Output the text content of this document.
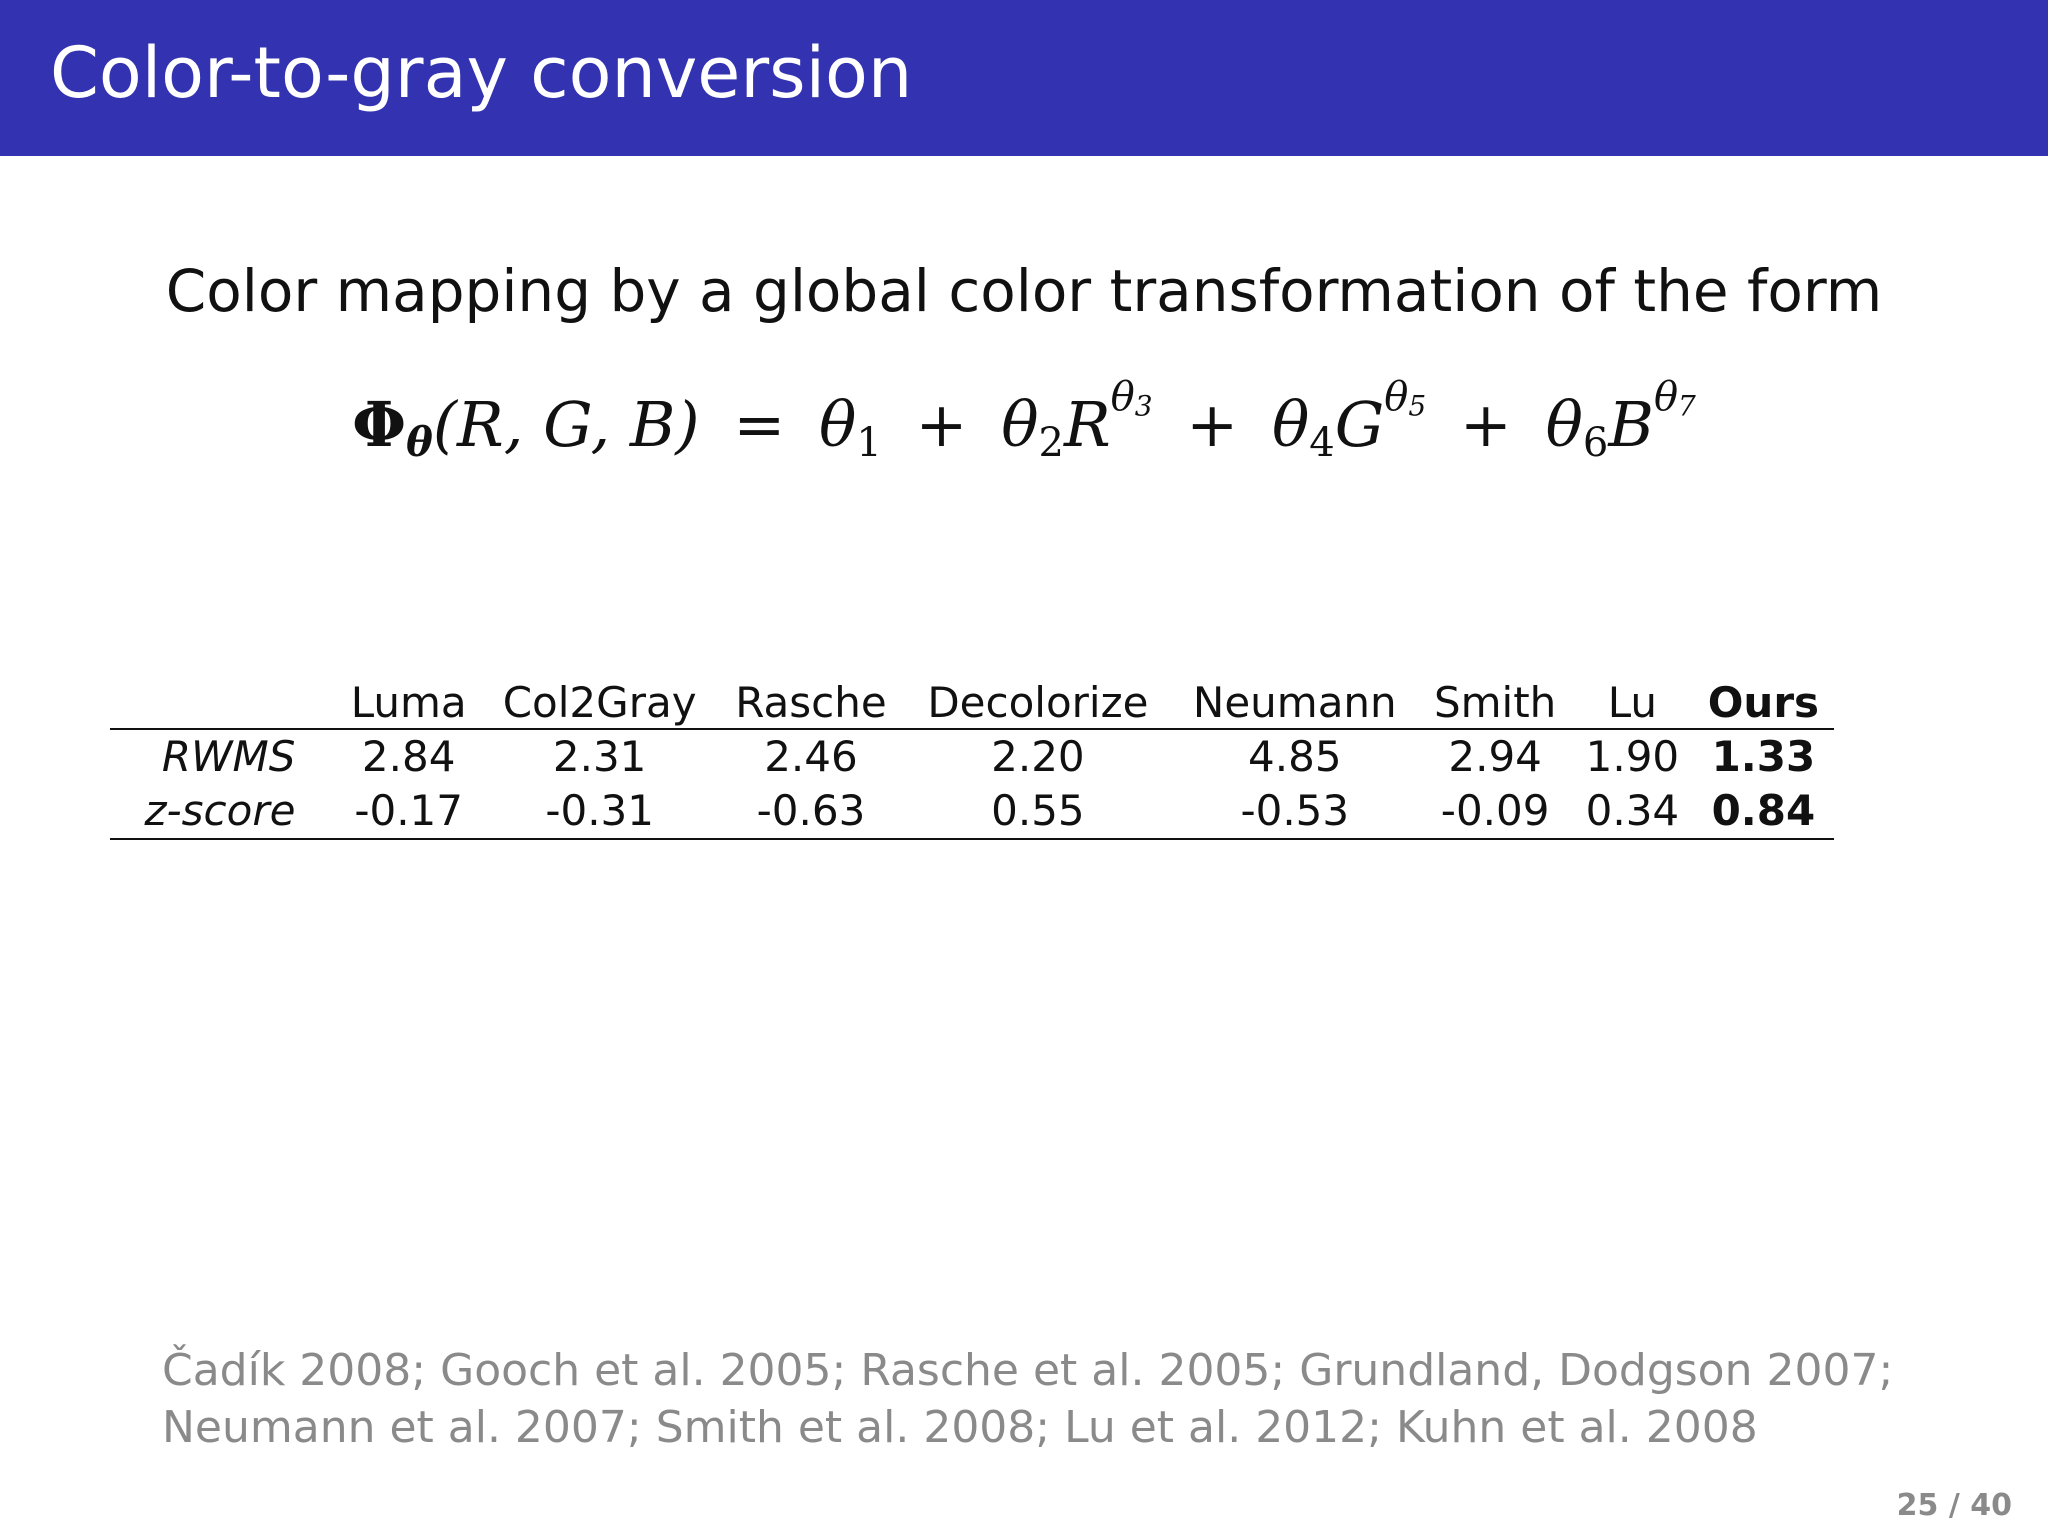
Color-to-gray conversion
Color mapping by a global color transformation of the form
$\Phi_\theta(R$, G, $B) = \theta_1 + \theta_2R^{\theta_3} + \theta_4G^{\theta_5} + \theta_6B^{\theta_7}$
	Luma	Col2Gray	Rasche	Decolorize	Neumann	Smith	Lu	Ours
RWMS	2.84	2.31	2.46	2.20	4.85	2.94	1.90	1.33
z-score	-0.17	-0.31	-0.63	0.55	-0.53	-0.09	0.34	0.84
Čadík 2008; Gooch et al. 2005; Rasche et al. 2005; Grundland, Dodgson 2007;
Neumann et al. 2007; Smith et al. 2008; Lu et al. 2012; Kuhn et al. 2008
25 / 40
